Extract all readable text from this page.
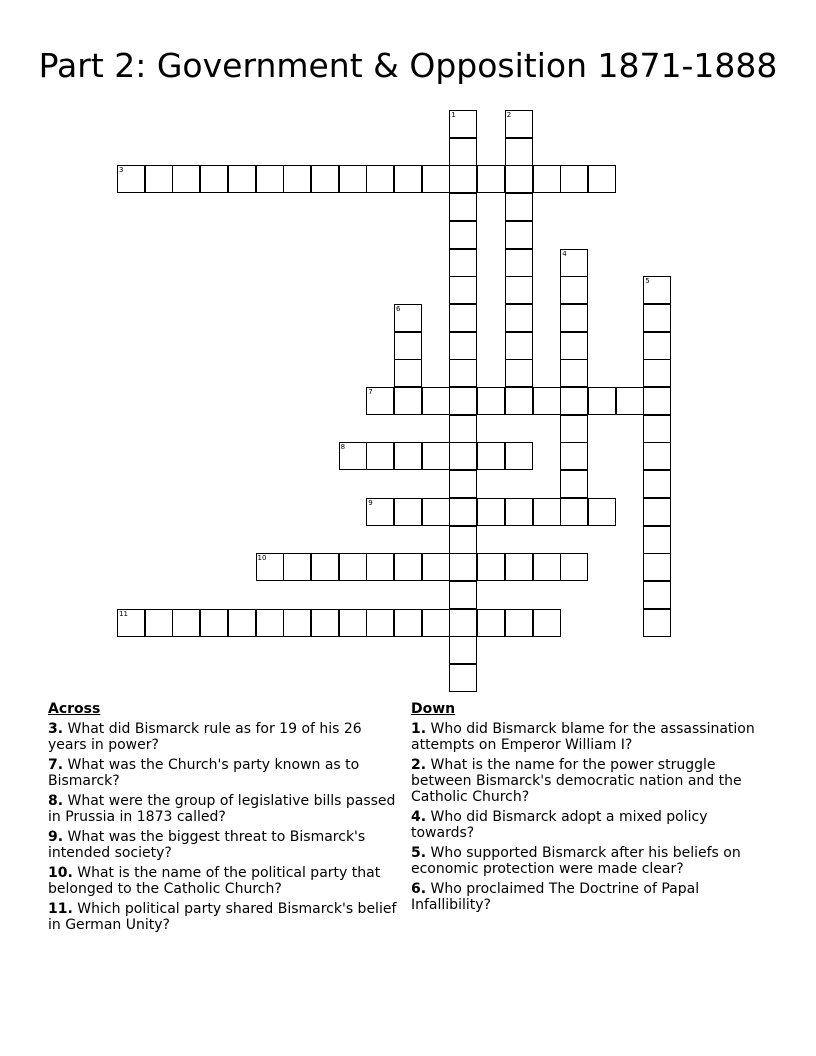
Part 2: Government & Opposition 1871-1888
1	2
3
4
5
6
7
8
9
10
11
Across
3. What did Bismarck rule as for 19 of his 26 years in power?
7. What was the Church's party known as to Bismarck?
8. What were the group of legislative bills passed in Prussia in 1873 called?
9. What was the biggest threat to Bismarck's intended society?
10. What is the name of the political party that belonged to the Catholic Church?
11. Which political party shared Bismarck's belief in German Unity?
Down
1. Who did Bismarck blame for the assassination attempts on Emperor William I?
2. What is the name for the power struggle between Bismarck's democratic nation and the Catholic Church?
4. Who did Bismarck adopt a mixed policy towards?
5. Who supported Bismarck after his beliefs on economic protection were made clear?
6. Who proclaimed The Doctrine of Papal Infallibility?
